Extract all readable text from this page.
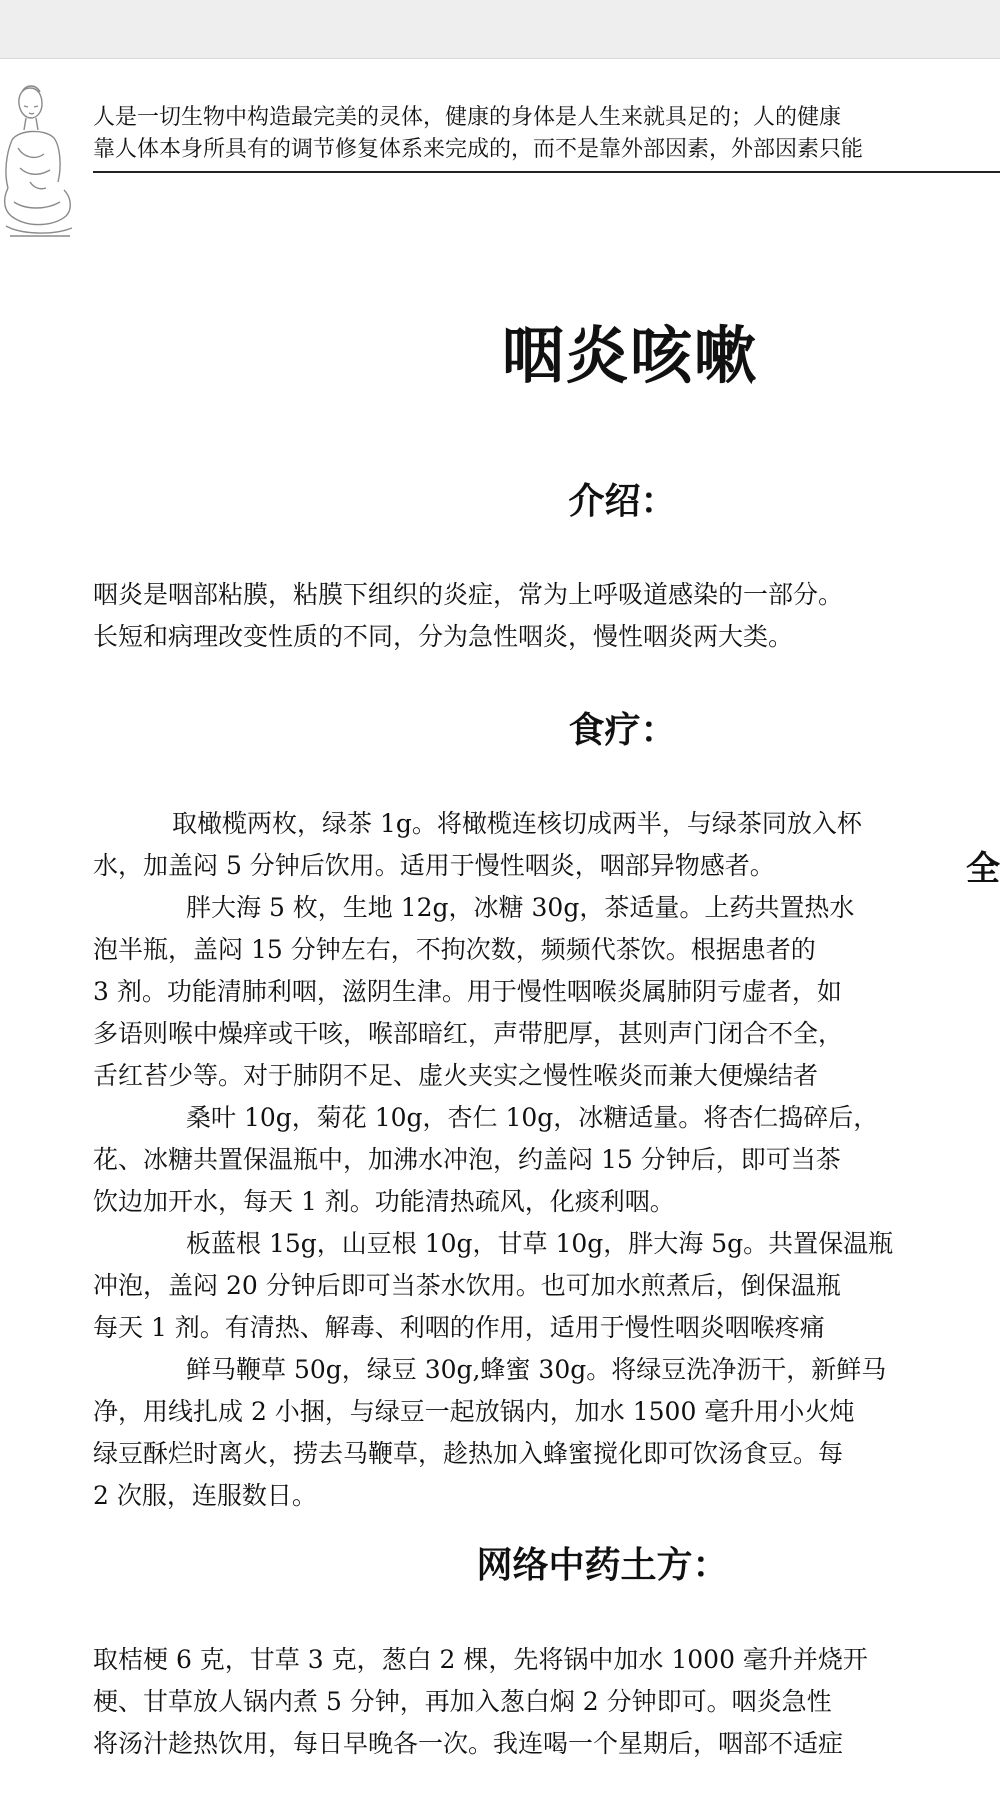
人是一切生物中构造最完美的灵体，健康的身体是人生来就具足的；人的健康
靠人体本身所具有的调节修复体系来完成的，而不是靠外部因素，外部因素只能
咽炎咳嗽
介绍：
咽炎是咽部粘膜，粘膜下组织的炎症，常为上呼吸道感染的一部分。
长短和病理改变性质的不同，分为急性咽炎，慢性咽炎两大类。
食疗：
取橄榄两枚，绿茶 1g。将橄榄连核切成两半，与绿茶同放入杯
水，加盖闷 5 分钟后饮用。适用于慢性咽炎，咽部异物感者。	全
胖大海 5 枚，生地 12g，冰糖 30g，茶适量。上药共置热水
泡半瓶，盖闷 15 分钟左右，不拘次数，频频代茶饮。根据患者的
3 剂。功能清肺利咽，滋阴生津。用于慢性咽喉炎属肺阴亏虚者，如
多语则喉中燥痒或干咳，喉部暗红，声带肥厚，甚则声门闭合不全，
舌红苔少等。对于肺阴不足、虚火夹实之慢性喉炎而兼大便燥结者
桑叶 10g，菊花 10g，杏仁 10g，冰糖适量。将杏仁捣碎后，
花、冰糖共置保温瓶中，加沸水冲泡，约盖闷 15 分钟后，即可当茶
饮边加开水，每天 1 剂。功能清热疏风，化痰利咽。
板蓝根 15g，山豆根 10g，甘草 10g，胖大海 5g。共置保温瓶
冲泡，盖闷 20 分钟后即可当茶水饮用。也可加水煎煮后，倒保温瓶
每天 1 剂。有清热、解毒、利咽的作用，适用于慢性咽炎咽喉疼痛
鲜马鞭草 50g，绿豆 30g,蜂蜜 30g。将绿豆洗净沥干，新鲜马
净，用线扎成 2 小捆，与绿豆一起放锅内，加水 1500 毫升用小火炖
绿豆酥烂时离火，捞去马鞭草，趁热加入蜂蜜搅化即可饮汤食豆。每
2 次服，连服数日。
网络中药土方：
取桔梗 6 克，甘草 3 克，葱白 2 棵，先将锅中加水 1000 毫升并烧开
梗、甘草放人锅内煮 5 分钟，再加入葱白焖 2 分钟即可。咽炎急性
将汤汁趁热饮用，每日早晚各一次。我连喝一个星期后，咽部不适症
